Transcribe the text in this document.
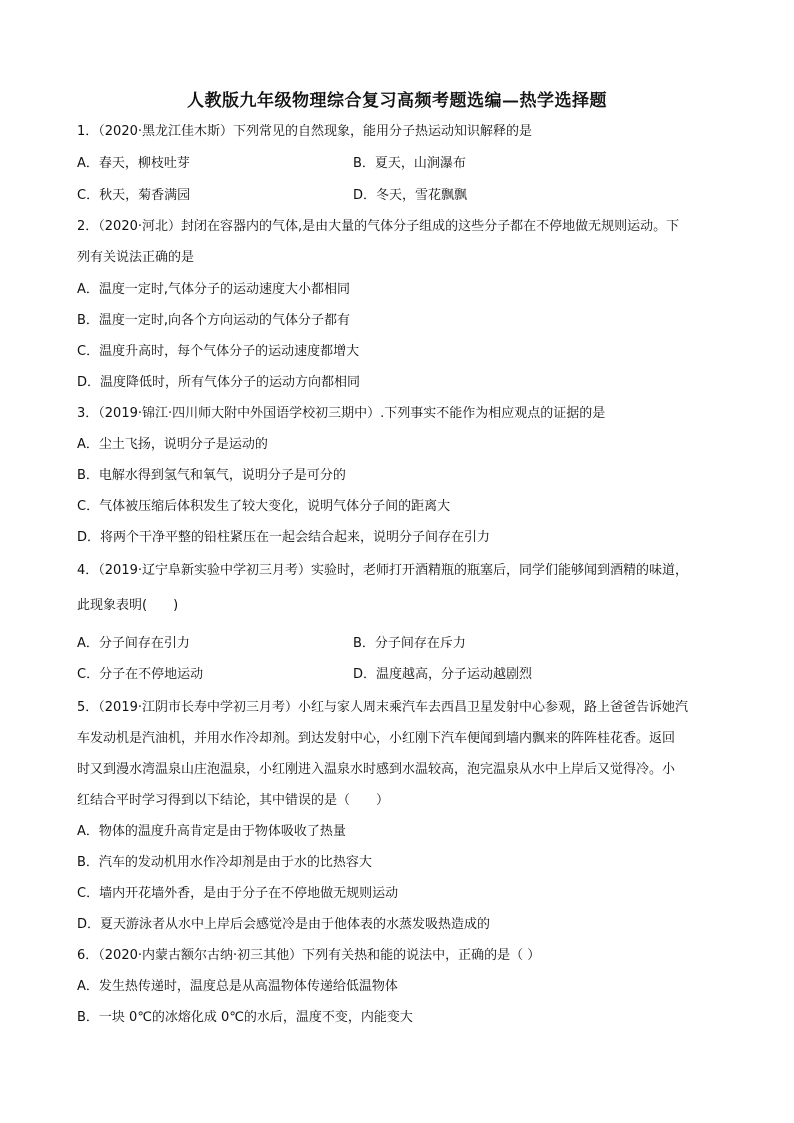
人教版九年级物理综合复习高频考题选编—热学选择题
1．（2020·黑龙江佳木斯）下列常见的自然现象，能用分子热运动知识解释的是
A．春天，柳枝吐芽	B．夏天，山涧瀑布
C．秋天，菊香满园	D．冬天，雪花飘飘
2．（2020·河北）封闭在容器内的气体,是由大量的气体分子组成的这些分子都在不停地做无规则运动。下
列有关说法正确的是
A．温度一定时,气体分子的运动速度大小都相同
B．温度一定时,向各个方向运动的气体分子都有
C．温度升高时，每个气体分子的运动速度都增大
D．温度降低时，所有气体分子的运动方向都相同
3．（2019·锦江·四川师大附中外国语学校初三期中）.下列事实不能作为相应观点的证据的是
A．尘土飞扬，说明分子是运动的
B．电解水得到氢气和氧气，说明分子是可分的
C．气体被压缩后体积发生了较大变化，说明气体分子间的距离大
D．将两个干净平整的铅柱紧压在一起会结合起来，说明分子间存在引力
4．（2019·辽宁阜新实验中学初三月考）实验时，老师打开酒精瓶的瓶塞后，同学们能够闻到酒精的味道，
此现象表明(　　)
A．分子间存在引力	B．分子间存在斥力
C．分子在不停地运动	D．温度越高，分子运动越剧烈
5．（2019·江阴市长寿中学初三月考）小红与家人周末乘汽车去西昌卫星发射中心参观，路上爸爸告诉她汽
车发动机是汽油机，并用水作冷却剂。到达发射中心，小红刚下汽车便闻到墙内飘来的阵阵桂花香。返回
时又到漫水湾温泉山庄泡温泉，小红刚进入温泉水时感到水温较高，泡完温泉从水中上岸后又觉得冷。小
红结合平时学习得到以下结论，其中错误的是（　　）
A．物体的温度升高肯定是由于物体吸收了热量
B．汽车的发动机用水作冷却剂是由于水的比热容大
C．墙内开花墙外香，是由于分子在不停地做无规则运动
D．夏天游泳者从水中上岸后会感觉冷是由于他体表的水蒸发吸热造成的
6．（2020·内蒙古额尔古纳·初三其他）下列有关热和能的说法中，正确的是（ ）
A．发生热传递时，温度总是从高温物体传递给低温物体
B．一块 0℃的冰熔化成 0℃的水后，温度不变，内能变大
